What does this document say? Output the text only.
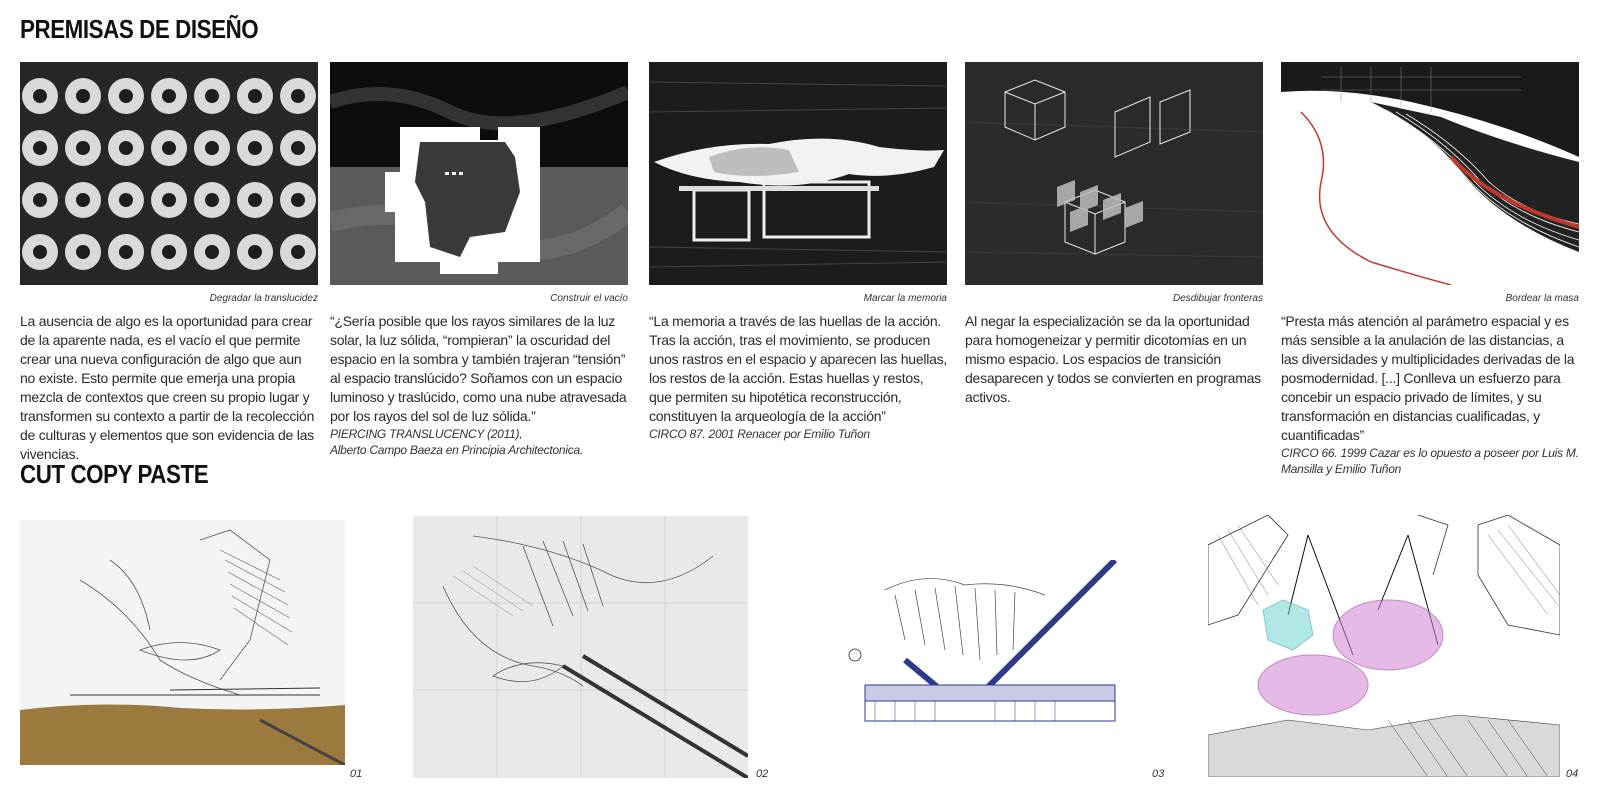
PREMISAS DE DISEÑO
CUT COPY PASTE
Degradar la translucidez
La ausencia de algo es la oportunidad para crear de la aparente nada, es el vacío el que permite crear una nueva configuración de algo que aun no existe. Esto permite que emerja una propia mezcla de contextos que creen su propio lugar y transformen su contexto a partir de la recolección de culturas y elementos que son evidencia de las vivencias.
Construir el vacío
“¿Sería posible que los rayos similares de la luz solar, la luz sólida, “rompieran” la oscuridad del espacio en la sombra y también trajeran “tensión” al espacio translúcido? Soñamos con un espacio luminoso y traslúcido, como una nube atravesada por los rayos del sol de luz sólida.”
PIERCING TRANSLUCENCY (2011),
Alberto Campo Baeza en Principia Architectonica.
Marcar la memoria
“La memoria a través de las huellas de la acción. Tras la acción, tras el movimiento, se producen unos rastros en el espacio y aparecen las huellas, los restos de la acción. Estas huellas y restos, que permiten su hipotética reconstrucción, constituyen la arqueología de la acción”
CIRCO 87. 2001 Renacer por Emilio Tuñon
Desdibujar fronteras
Al negar la especialización se da la oportunidad para homogeneizar y permitir dicotomías en un mismo espacio. Los espacios de transición desaparecen y todos se convierten en programas activos.
Bordear la masa
“Presta más atención al parámetro espacial y es más sensible a la anulación de las distancias, a las diversidades y multiplicidades derivadas de la posmodernidad. [...] Conlleva un esfuerzo para concebir un espacio privado de límites, y su transformación en distancias cualificadas, y cuantificadas”
CIRCO 66. 1999 Cazar es lo opuesto a poseer por Luis M. Mansilla y Emilio Tuñon
01	02	03	04
